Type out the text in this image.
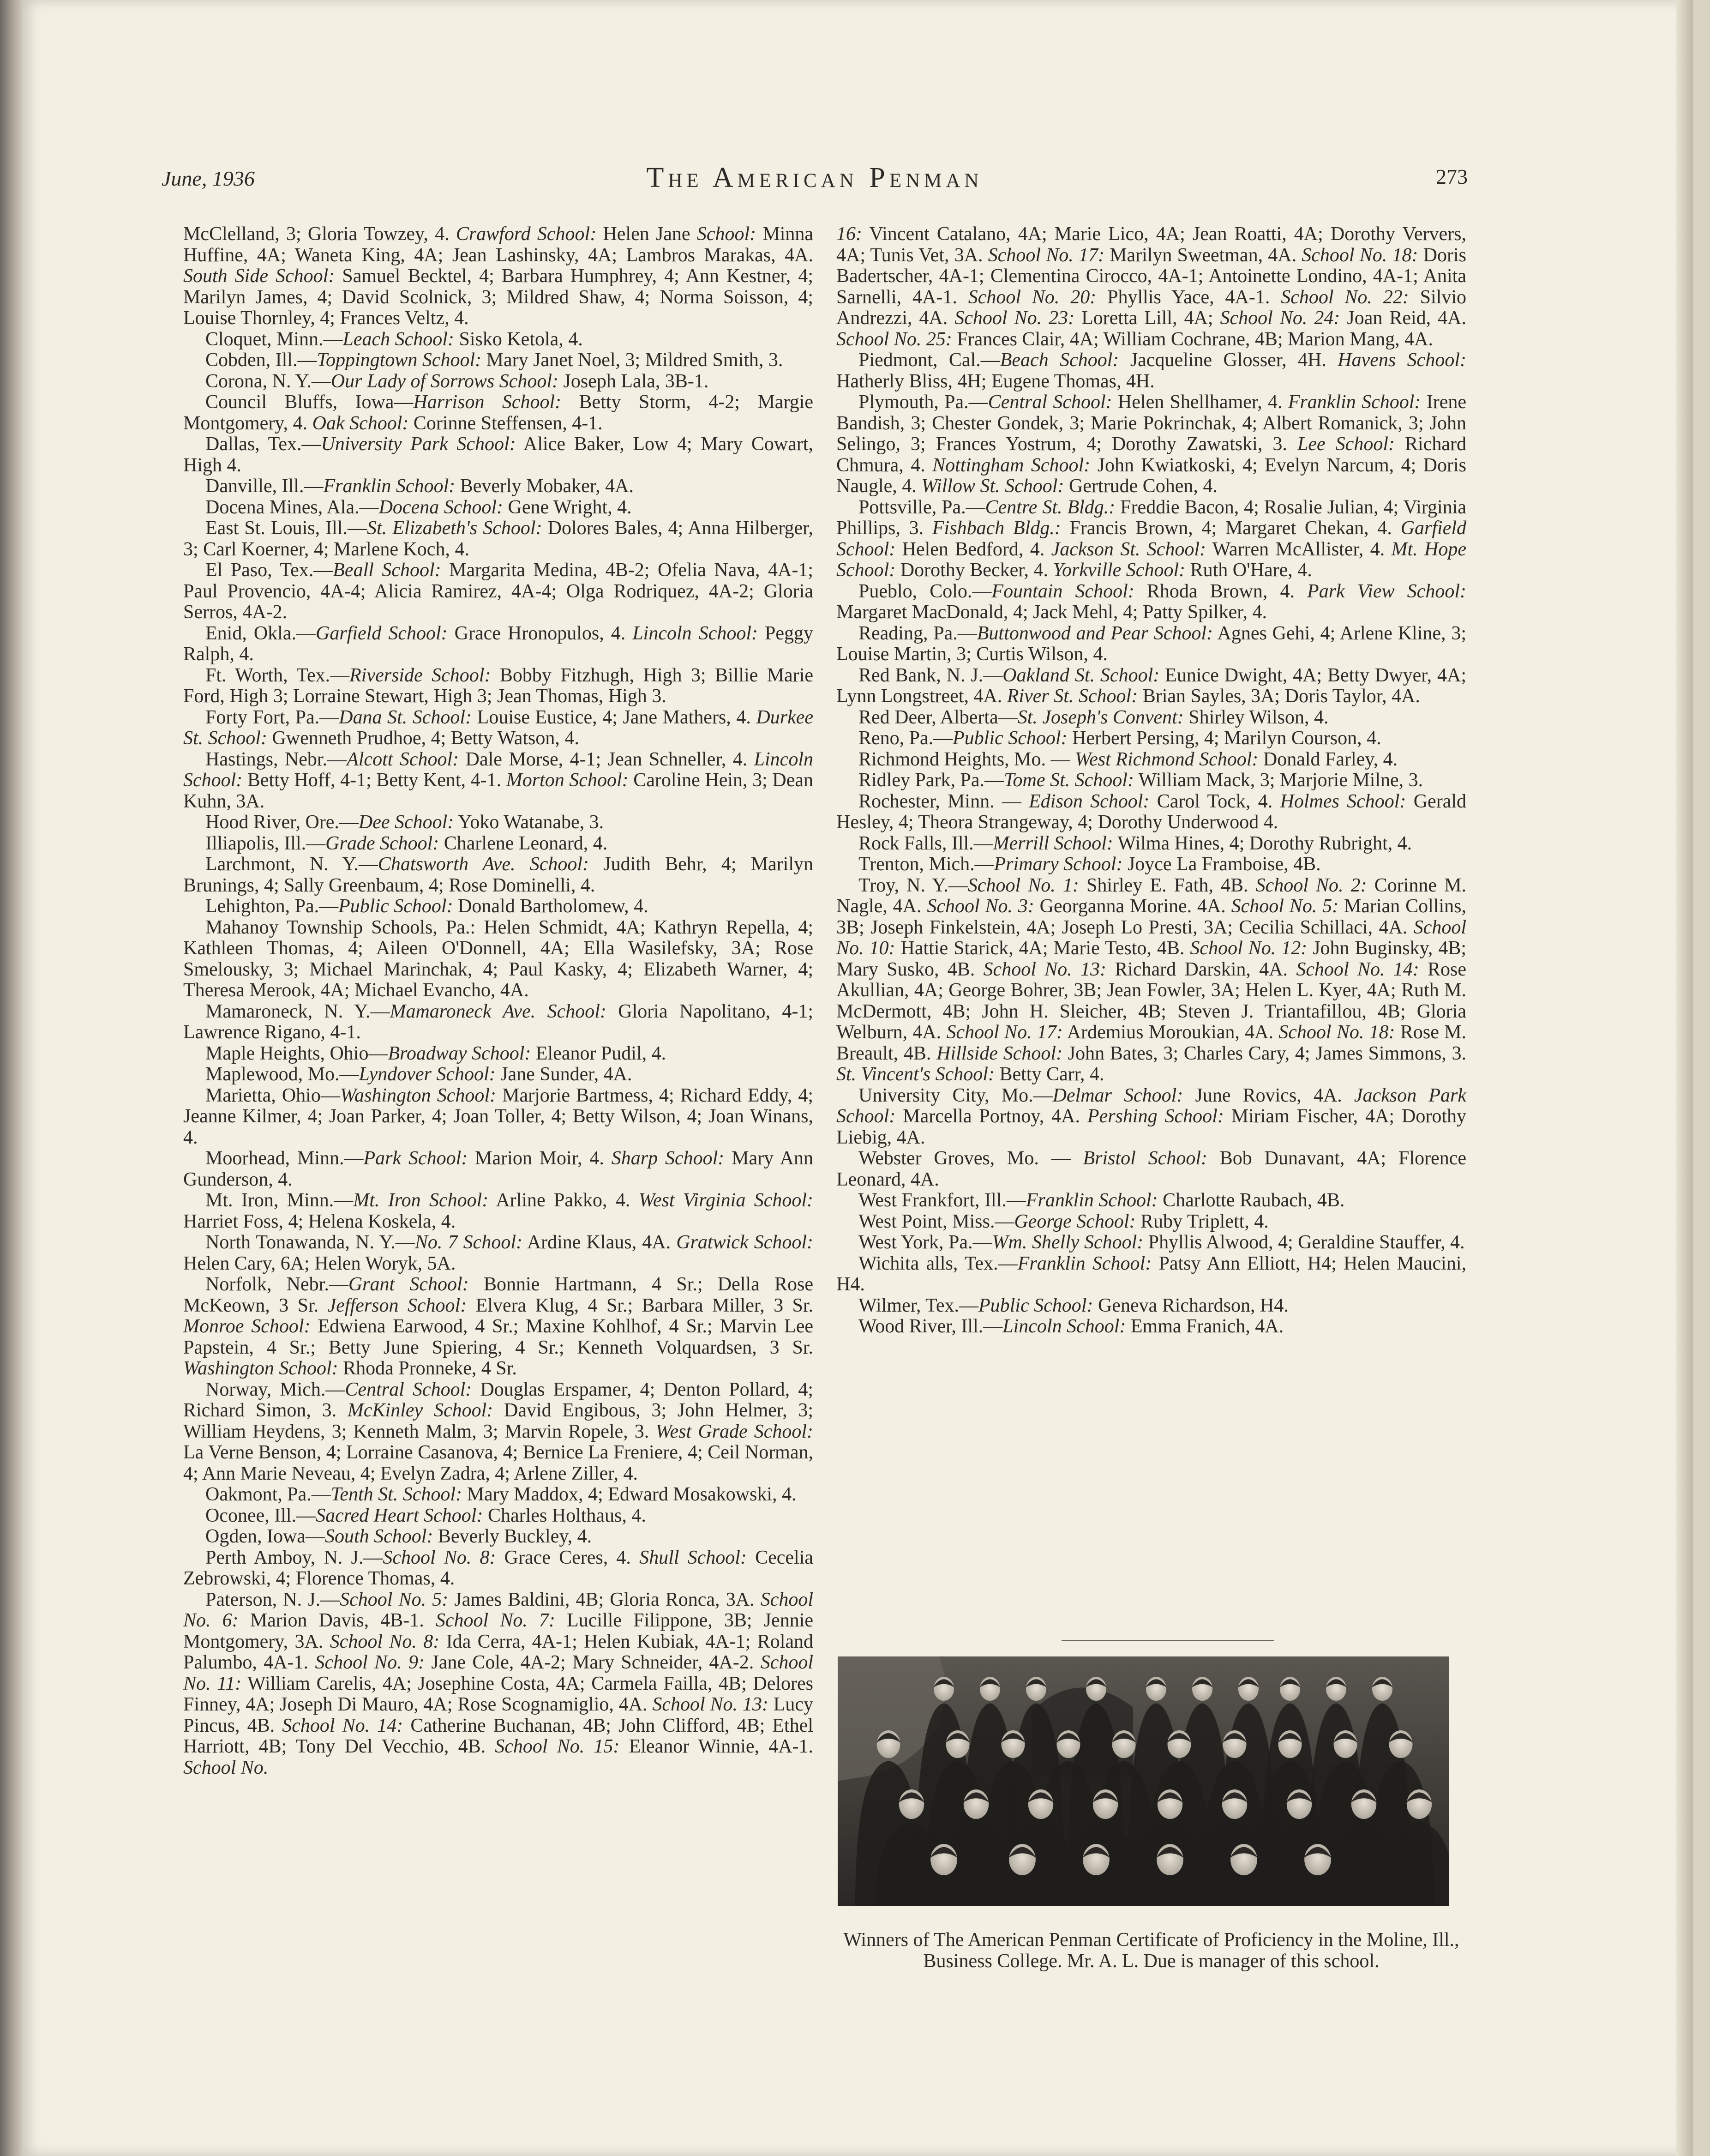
June, 1936	The American Penman	273

McClelland, 3; Gloria Towzey, 4. Crawford School: Helen Jane School: Minna Huffine, 4A; Waneta King, 4A; Jean Lashinsky, 4A; Lambros Marakas, 4A. South Side School: Samuel Becktel, 4; Barbara Humphrey, 4; Ann Kestner, 4; Marilyn James, 4; David Scolnick, 3; Mildred Shaw, 4; Norma Soisson, 4; Louise Thornley, 4; Frances Veltz, 4.

Cloquet, Minn.—Leach School: Sisko Ketola, 4.

Cobden, Ill.—Toppingtown School: Mary Janet Noel, 3; Mildred Smith, 3.

Corona, N. Y.—Our Lady of Sorrows School: Joseph Lala, 3B-1.

Council Bluffs, Iowa—Harrison School: Betty Storm, 4-2; Margie Montgomery, 4. Oak School: Corinne Steffensen, 4-1.

Dallas, Tex.—University Park School: Alice Baker, Low 4; Mary Cowart, High 4.

Danville, Ill.—Franklin School: Beverly Mobaker, 4A.

Docena Mines, Ala.—Docena School: Gene Wright, 4.

East St. Louis, Ill.—St. Elizabeth's School: Dolores Bales, 4; Anna Hilberger, 3; Carl Koerner, 4; Marlene Koch, 4.

El Paso, Tex.—Beall School: Margarita Medina, 4B-2; Ofelia Nava, 4A-1; Paul Provencio, 4A-4; Alicia Ramirez, 4A-4; Olga Rodriquez, 4A-2; Gloria Serros, 4A-2.

Enid, Okla.—Garfield School: Grace Hronopulos, 4. Lincoln School: Peggy Ralph, 4.

Ft. Worth, Tex.—Riverside School: Bobby Fitzhugh, High 3; Billie Marie Ford, High 3; Lorraine Stewart, High 3; Jean Thomas, High 3.

Forty Fort, Pa.—Dana St. School: Louise Eustice, 4; Jane Mathers, 4. Durkee St. School: Gwenneth Prudhoe, 4; Betty Watson, 4.

Hastings, Nebr.—Alcott School: Dale Morse, 4-1; Jean Schneller, 4. Lincoln School: Betty Hoff, 4-1; Betty Kent, 4-1. Morton School: Caroline Hein, 3; Dean Kuhn, 3A.

Hood River, Ore.—Dee School: Yoko Watanabe, 3.

Illiapolis, Ill.—Grade School: Charlene Leonard, 4.

Larchmont, N. Y.—Chatsworth Ave. School: Judith Behr, 4; Marilyn Brunings, 4; Sally Greenbaum, 4; Rose Dominelli, 4.

Lehighton, Pa.—Public School: Donald Bartholomew, 4.

Mahanoy Township Schools, Pa.: Helen Schmidt, 4A; Kathryn Repella, 4; Kathleen Thomas, 4; Aileen O'Donnell, 4A; Ella Wasilefsky, 3A; Rose Smelousky, 3; Michael Marinchak, 4; Paul Kasky, 4; Elizabeth Warner, 4; Theresa Merook, 4A; Michael Evancho, 4A.

Mamaroneck, N. Y.—Mamaroneck Ave. School: Gloria Napolitano, 4-1; Lawrence Rigano, 4-1.

Maple Heights, Ohio—Broadway School: Eleanor Pudil, 4.

Maplewood, Mo.—Lyndover School: Jane Sunder, 4A.

Marietta, Ohio—Washington School: Marjorie Bartmess, 4; Richard Eddy, 4; Jeanne Kilmer, 4; Joan Parker, 4; Joan Toller, 4; Betty Wilson, 4; Joan Winans, 4.

Moorhead, Minn.—Park School: Marion Moir, 4. Sharp School: Mary Ann Gunderson, 4.

Mt. Iron, Minn.—Mt. Iron School: Arline Pakko, 4. West Virginia School: Harriet Foss, 4; Helena Koskela, 4.

North Tonawanda, N. Y.—No. 7 School: Ardine Klaus, 4A. Gratwick School: Helen Cary, 6A; Helen Woryk, 5A.

Norfolk, Nebr.—Grant School: Bonnie Hartmann, 4 Sr.; Della Rose McKeown, 3 Sr. Jefferson School: Elvera Klug, 4 Sr.; Barbara Miller, 3 Sr. Monroe School: Edwiena Earwood, 4 Sr.; Maxine Kohlhof, 4 Sr.; Marvin Lee Papstein, 4 Sr.; Betty June Spiering, 4 Sr.; Kenneth Volquardsen, 3 Sr. Washington School: Rhoda Pronneke, 4 Sr.

Norway, Mich.—Central School: Douglas Erspamer, 4; Denton Pollard, 4; Richard Simon, 3. McKinley School: David Engibous, 3; John Helmer, 3; William Heydens, 3; Kenneth Malm, 3; Marvin Ropele, 3. West Grade School: La Verne Benson, 4; Lorraine Casanova, 4; Bernice La Freniere, 4; Ceil Norman, 4; Ann Marie Neveau, 4; Evelyn Zadra, 4; Arlene Ziller, 4.

Oakmont, Pa.—Tenth St. School: Mary Maddox, 4; Edward Mosakowski, 4.

Oconee, Ill.—Sacred Heart School: Charles Holthaus, 4.

Ogden, Iowa—South School: Beverly Buckley, 4.

Perth Amboy, N. J.—School No. 8: Grace Ceres, 4. Shull School: Cecelia Zebrowski, 4; Florence Thomas, 4.

Paterson, N. J.—School No. 5: James Baldini, 4B; Gloria Ronca, 3A. School No. 6: Marion Davis, 4B-1. School No. 7: Lucille Filippone, 3B; Jennie Montgomery, 3A. School No. 8: Ida Cerra, 4A-1; Helen Kubiak, 4A-1; Roland Palumbo, 4A-1. School No. 9: Jane Cole, 4A-2; Mary Schneider, 4A-2. School No. 11: William Carelis, 4A; Josephine Costa, 4A; Carmela Failla, 4B; Delores Finney, 4A; Joseph Di Mauro, 4A; Rose Scognamiglio, 4A. School No. 13: Lucy Pincus, 4B. School No. 14: Catherine Buchanan, 4B; John Clifford, 4B; Ethel Harriott, 4B; Tony Del Vecchio, 4B. School No. 15: Eleanor Winnie, 4A-1. School No.

16: Vincent Catalano, 4A; Marie Lico, 4A; Jean Roatti, 4A; Dorothy Ververs, 4A; Tunis Vet, 3A. School No. 17: Marilyn Sweetman, 4A. School No. 18: Doris Badertscher, 4A-1; Clementina Cirocco, 4A-1; Antoinette Londino, 4A-1; Anita Sarnelli, 4A-1. School No. 20: Phyllis Yace, 4A-1. School No. 22: Silvio Andrezzi, 4A. School No. 23: Loretta Lill, 4A; School No. 24: Joan Reid, 4A. School No. 25: Frances Clair, 4A; William Cochrane, 4B; Marion Mang, 4A.

Piedmont, Cal.—Beach School: Jacqueline Glosser, 4H. Havens School: Hatherly Bliss, 4H; Eugene Thomas, 4H.

Plymouth, Pa.—Central School: Helen Shellhamer, 4. Franklin School: Irene Bandish, 3; Chester Gondek, 3; Marie Pokrinchak, 4; Albert Romanick, 3; John Selingo, 3; Frances Yostrum, 4; Dorothy Zawatski, 3. Lee School: Richard Chmura, 4. Nottingham School: John Kwiatkoski, 4; Evelyn Narcum, 4; Doris Naugle, 4. Willow St. School: Gertrude Cohen, 4.

Pottsville, Pa.—Centre St. Bldg.: Freddie Bacon, 4; Rosalie Julian, 4; Virginia Phillips, 3. Fishbach Bldg.: Francis Brown, 4; Margaret Chekan, 4. Garfield School: Helen Bedford, 4. Jackson St. School: Warren McAllister, 4. Mt. Hope School: Dorothy Becker, 4. Yorkville School: Ruth O'Hare, 4.

Pueblo, Colo.—Fountain School: Rhoda Brown, 4. Park View School: Margaret MacDonald, 4; Jack Mehl, 4; Patty Spilker, 4.

Reading, Pa.—Buttonwood and Pear School: Agnes Gehi, 4; Arlene Kline, 3; Louise Martin, 3; Curtis Wilson, 4.

Red Bank, N. J.—Oakland St. School: Eunice Dwight, 4A; Betty Dwyer, 4A; Lynn Longstreet, 4A. River St. School: Brian Sayles, 3A; Doris Taylor, 4A.

Red Deer, Alberta—St. Joseph's Convent: Shirley Wilson, 4.

Reno, Pa.—Public School: Herbert Persing, 4; Marilyn Courson, 4.

Richmond Heights, Mo. — West Richmond School: Donald Farley, 4.

Ridley Park, Pa.—Tome St. School: William Mack, 3; Marjorie Milne, 3.

Rochester, Minn. — Edison School: Carol Tock, 4. Holmes School: Gerald Hesley, 4; Theora Strangeway, 4; Dorothy Underwood 4.

Rock Falls, Ill.—Merrill School: Wilma Hines, 4; Dorothy Rubright, 4.

Trenton, Mich.—Primary School: Joyce La Framboise, 4B.

Troy, N. Y.—School No. 1: Shirley E. Fath, 4B. School No. 2: Corinne M. Nagle, 4A. School No. 3: Georganna Morine. 4A. School No. 5: Marian Collins, 3B; Joseph Finkelstein, 4A; Joseph Lo Presti, 3A; Cecilia Schillaci, 4A. School No. 10: Hattie Starick, 4A; Marie Testo, 4B. School No. 12: John Buginsky, 4B; Mary Susko, 4B. School No. 13: Richard Darskin, 4A. School No. 14: Rose Akullian, 4A; George Bohrer, 3B; Jean Fowler, 3A; Helen L. Kyer, 4A; Ruth M. McDermott, 4B; John H. Sleicher, 4B; Steven J. Triantafillou, 4B; Gloria Welburn, 4A. School No. 17: Ardemius Moroukian, 4A. School No. 18: Rose M. Breault, 4B. Hillside School: John Bates, 3; Charles Cary, 4; James Simmons, 3. St. Vincent's School: Betty Carr, 4.

University City, Mo.—Delmar School: June Rovics, 4A. Jackson Park School: Marcella Portnoy, 4A. Pershing School: Miriam Fischer, 4A; Dorothy Liebig, 4A.

Webster Groves, Mo. — Bristol School: Bob Dunavant, 4A; Florence Leonard, 4A.

West Frankfort, Ill.—Franklin School: Charlotte Raubach, 4B.

West Point, Miss.—George School: Ruby Triplett, 4.

West York, Pa.—Wm. Shelly School: Phyllis Alwood, 4; Geraldine Stauffer, 4.

Wichita alls, Tex.—Franklin School: Patsy Ann Elliott, H4; Helen Maucini, H4.

Wilmer, Tex.—Public School: Geneva Richardson, H4.

Wood River, Ill.—Lincoln School: Emma Franich, 4A.

Winners of The American Penman Certificate of Proficiency in the Moline, Ill., Business College. Mr. A. L. Due is manager of this school.
